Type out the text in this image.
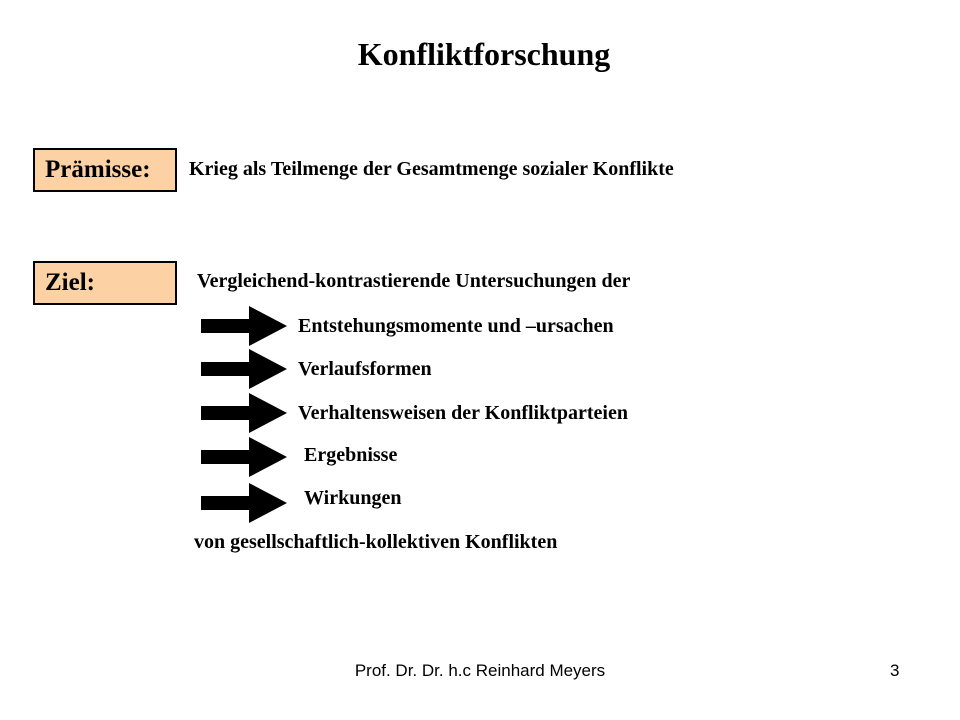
Konfliktforschung
Prämisse:	Krieg als Teilmenge der Gesamtmenge sozialer Konflikte
Ziel:	Vergleichend-kontrastierende Untersuchungen der
Entstehungsmomente und –ursachen
Verlaufsformen
Verhaltensweisen der Konfliktparteien
Ergebnisse
Wirkungen
von gesellschaftlich-kollektiven Konflikten
Prof. Dr. Dr. h.c Reinhard Meyers	3
